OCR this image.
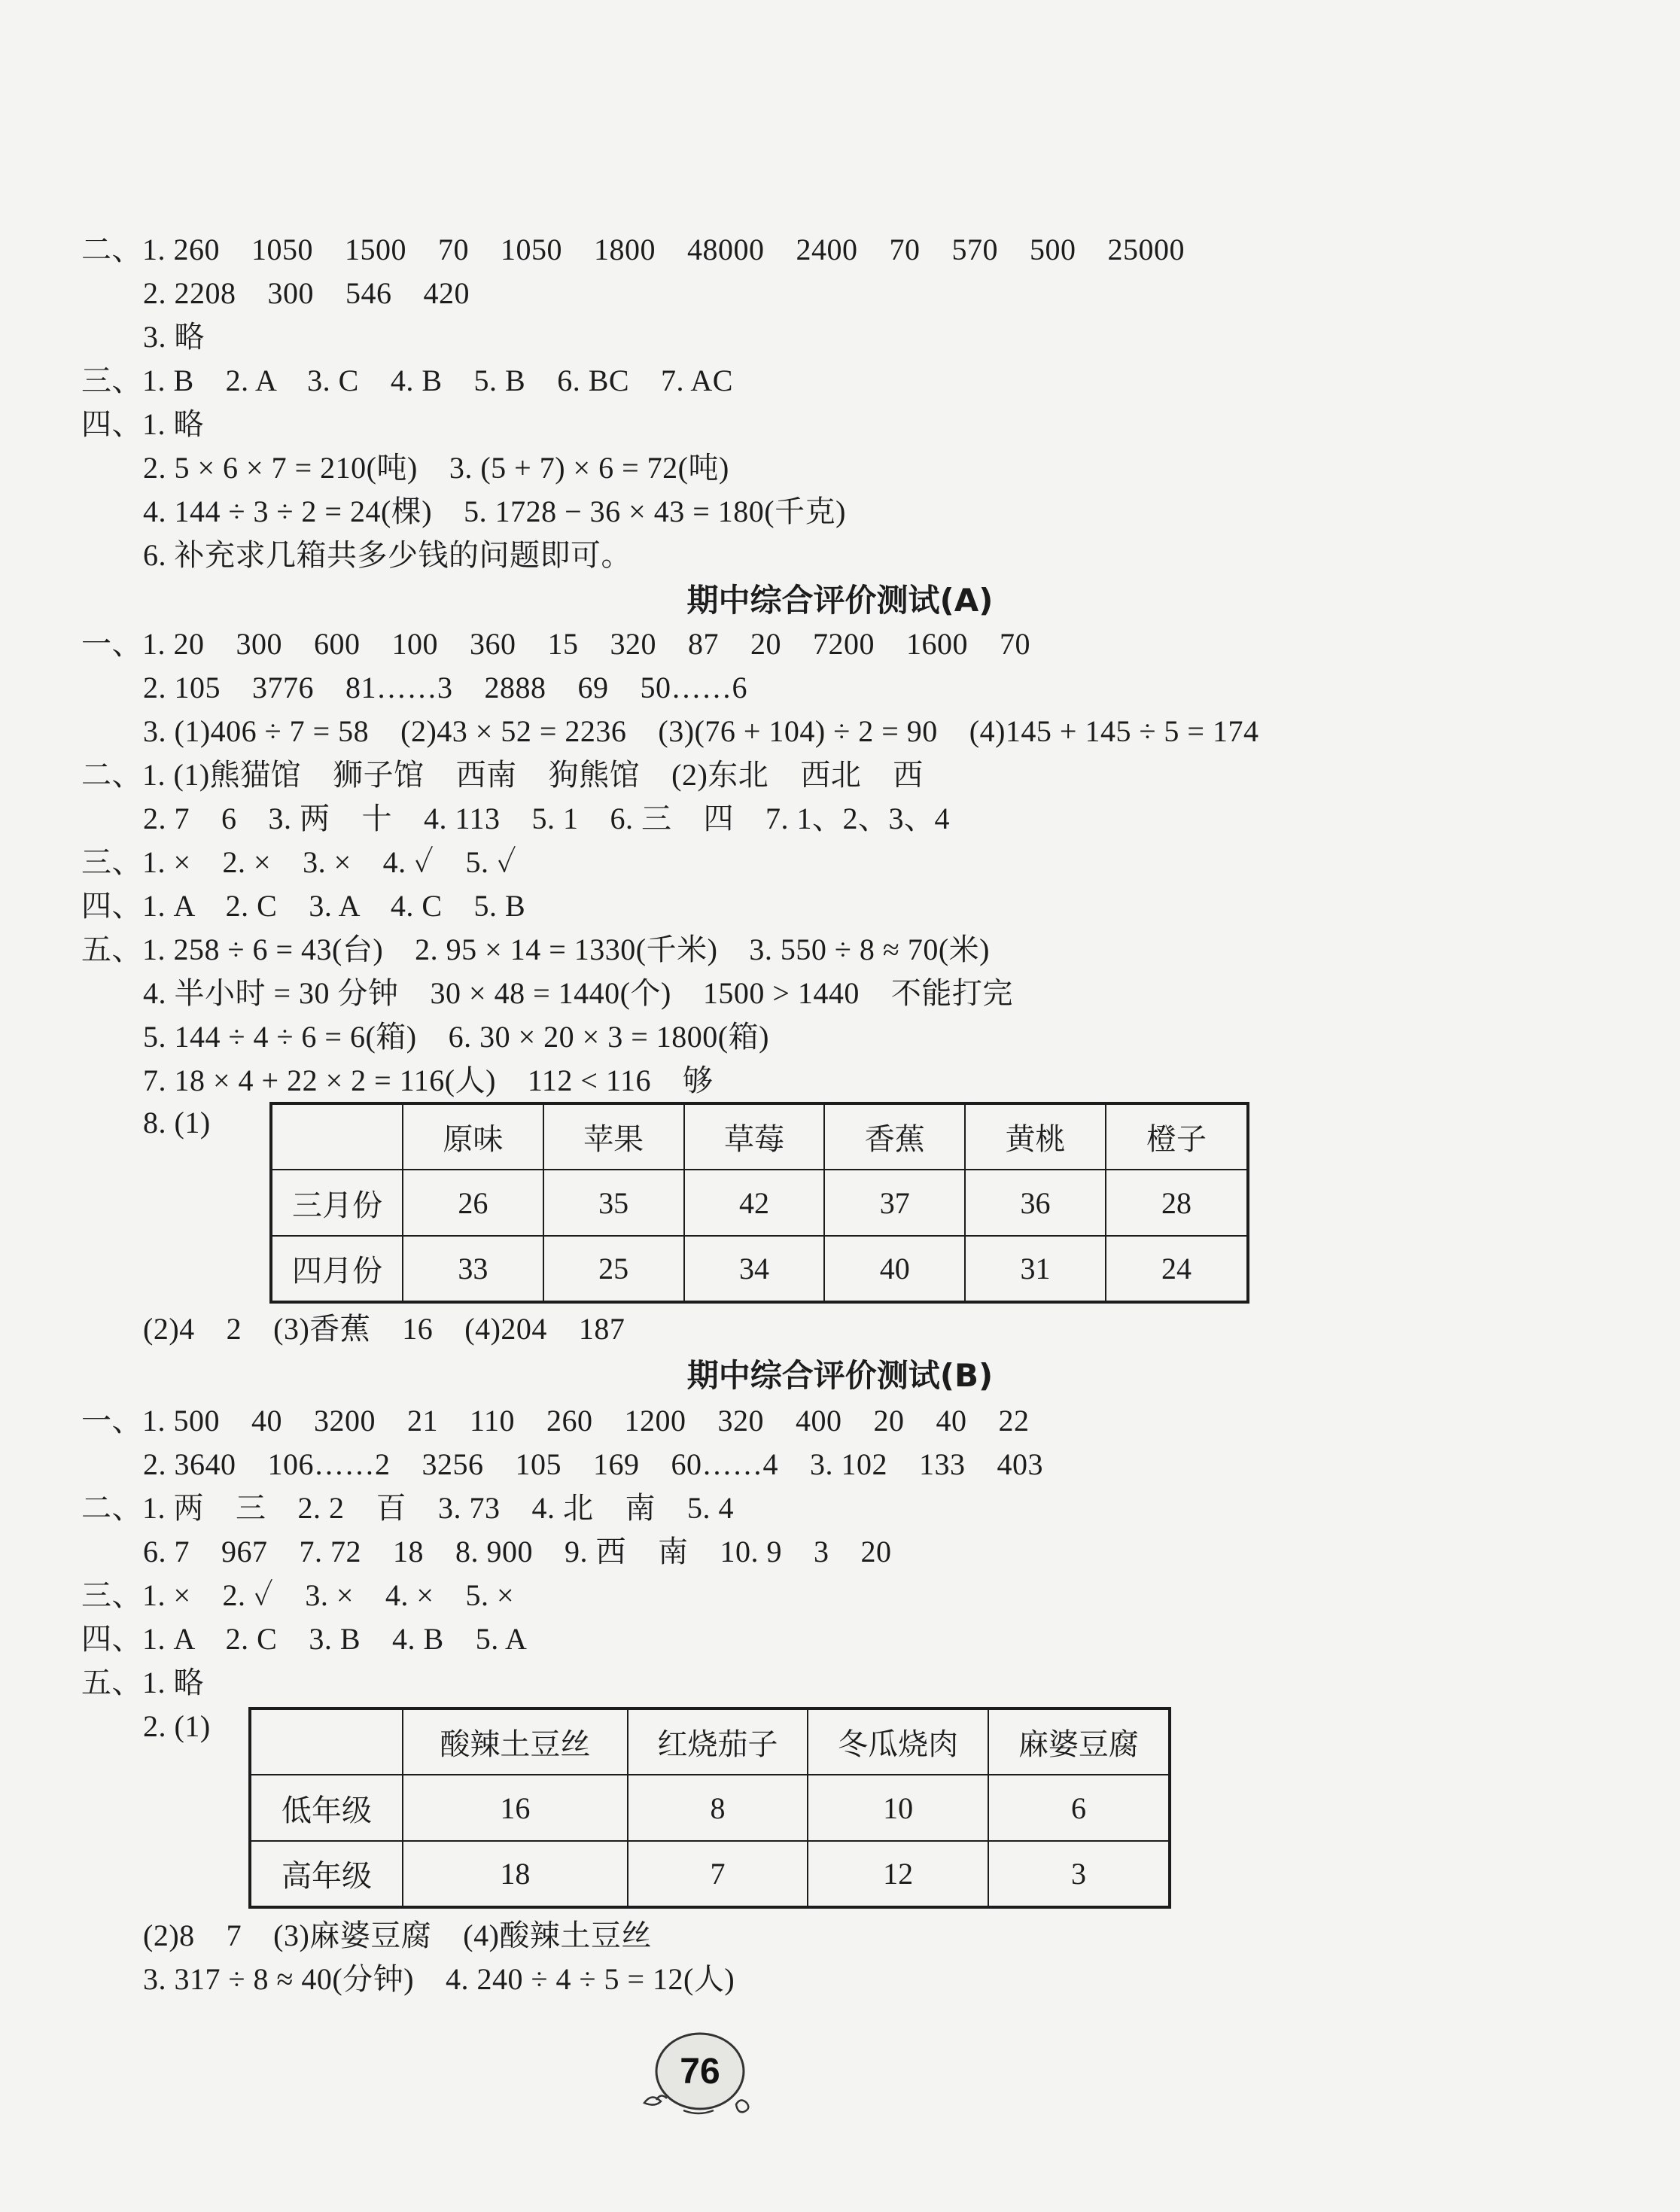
二、1. 260    1050    1500    70    1050    1800    48000    2400    70    570    500    25000
2. 2208    300    546    420
3. 略
三、1. B    2. A    3. C    4. B    5. B    6. BC    7. AC
四、1. 略
2. 5 × 6 × 7 = 210(吨)    3. (5 + 7) × 6 = 72(吨)
4. 144 ÷ 3 ÷ 2 = 24(棵)    5. 1728 − 36 × 43 = 180(千克)
6. 补充求几箱共多少钱的问题即可。
期中综合评价测试(A)
一、1. 20    300    600    100    360    15    320    87    20    7200    1600    70
2. 105    3776    81……3    2888    69    50……6
3. (1)406 ÷ 7 = 58    (2)43 × 52 = 2236    (3)(76 + 104) ÷ 2 = 90    (4)145 + 145 ÷ 5 = 174
二、1. (1)熊猫馆    狮子馆    西南    狗熊馆    (2)东北    西北    西
2. 7    6    3. 两    十    4. 113    5. 1    6. 三    四    7. 1、2、3、4
三、1. ×    2. ×    3. ×    4. ✓    5. ✓
四、1. A    2. C    3. A    4. C    5. B
五、1. 258 ÷ 6 = 43(台)    2. 95 × 14 = 1330(千米)    3. 550 ÷ 8 ≈ 70(米)
4. 半小时 = 30 分钟    30 × 48 = 1440(个)    1500 > 1440    不能打完
5. 144 ÷ 4 ÷ 6 = 6(箱)    6. 30 × 20 × 3 = 1800(箱)
7. 18 × 4 + 22 × 2 = 116(人)    112 < 116    够
8. (1)
		原味	苹果	草莓	香蕉	黄桃	橙子
三月份	26	35	42	37	36	28
四月份	33	25	34	40	31	24
(2)4    2    (3)香蕉    16    (4)204    187
期中综合评价测试(B)
一、1. 500    40    3200    21    110    260    1200    320    400    20    40    22
2. 3640    106……2    3256    105    169    60……4    3. 102    133    403
二、1. 两    三    2. 2    百    3. 73    4. 北    南    5. 4
6. 7    967    7. 72    18    8. 900    9. 西    南    10. 9    3    20
三、1. ×    2. ✓    3. ×    4. ×    5. ×
四、1. A    2. C    3. B    4. B    5. A
五、1. 略
2. (1)
	酸辣土豆丝	红烧茄子	冬瓜烧肉	麻婆豆腐
低年级	16	8	10	6
高年级	18	7	12	3
(2)8    7    (3)麻婆豆腐    (4)酸辣土豆丝
3. 317 ÷ 8 ≈ 40(分钟)    4. 240 ÷ 4 ÷ 5 = 12(人)
76
